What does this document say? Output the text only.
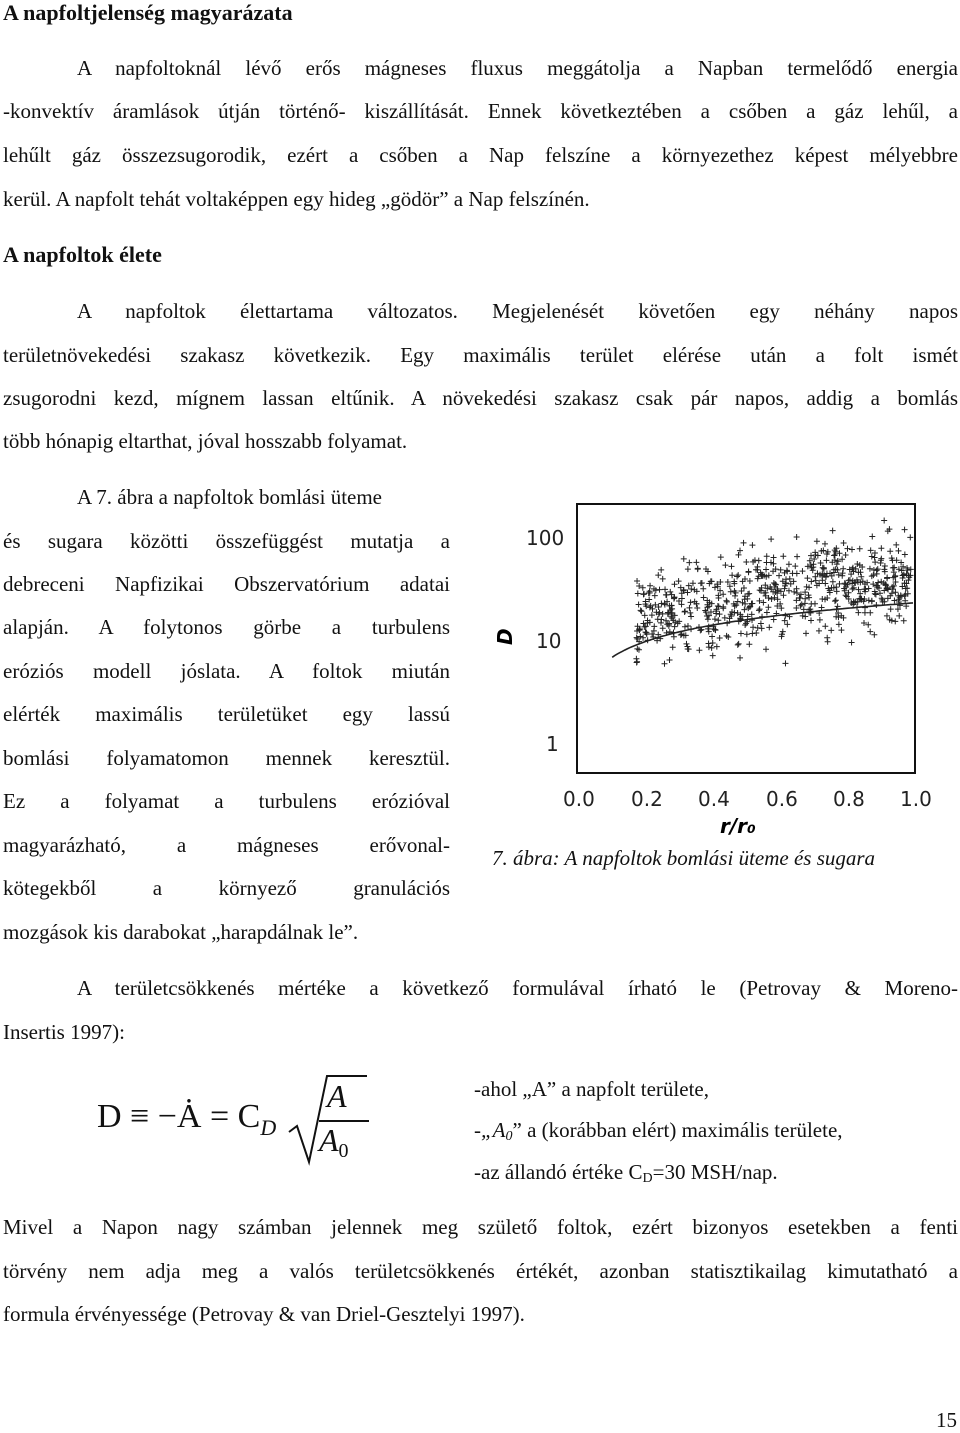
A napfoltjelenség magyarázata
A napfoltoknál lévő erős mágneses fluxus meggátolja a Napban termelődő energia
-konvektív áramlások útján történő- kiszállítását. Ennek következtében a csőben a gáz lehűl, a
lehűlt gáz összezsugorodik, ezért a csőben a Nap felszíne a környezethez képest mélyebbre
kerül. A napfolt tehát voltaképpen egy hideg „gödör” a Nap felszínén.
A napfoltok élete
A napfoltok élettartama változatos. Megjelenését követően egy néhány napos
területnövekedési szakasz következik. Egy maximális terület elérése után a folt ismét
zsugorodni kezd, mígnem lassan eltűnik. A növekedési szakasz csak pár napos, addig a bomlás
több hónapig eltarthat, jóval hosszabb folyamat.
A 7. ábra a napfoltok bomlási üteme
és sugara közötti összefüggést mutatja a
debreceni Napfizikai Obszervatórium adatai
alapján. A folytonos görbe a turbulens
eróziós modell jóslata. A foltok miután
elérték maximális területüket egy lassú
bomlási folyamatomon mennek keresztül.
Ez a folyamat a turbulens erózióval
magyarázható, a mágneses erővonal-
kötegekből a környező granulációs
mozgások kis darabokat „harapdálnak le”.
D
100
10
1
0.0 0.2 0.4 0.6 0.8 1.0
r/r₀
7. ábra: A napfoltok bomlási üteme és sugara
A területcsökkenés mértéke a következő formulával írható le (Petrovay & Moreno-
Insertis 1997):
D ≡ −Ȧ = $C_D$
A
A0
-ahol „A” a napfolt területe,
$-„A_0$” a (korábban elért) maximális területe,
-az állandó értéke $C_D=30$ MSH/nap.
Mivel a Napon nagy számban jelennek meg születő foltok, ezért bizonyos esetekben a fenti
törvény nem adja meg a valós területcsökkenés értékét, azonban statisztikailag kimutatható a
formula érvényessége (Petrovay & van Driel-Gesztelyi 1997).
15
